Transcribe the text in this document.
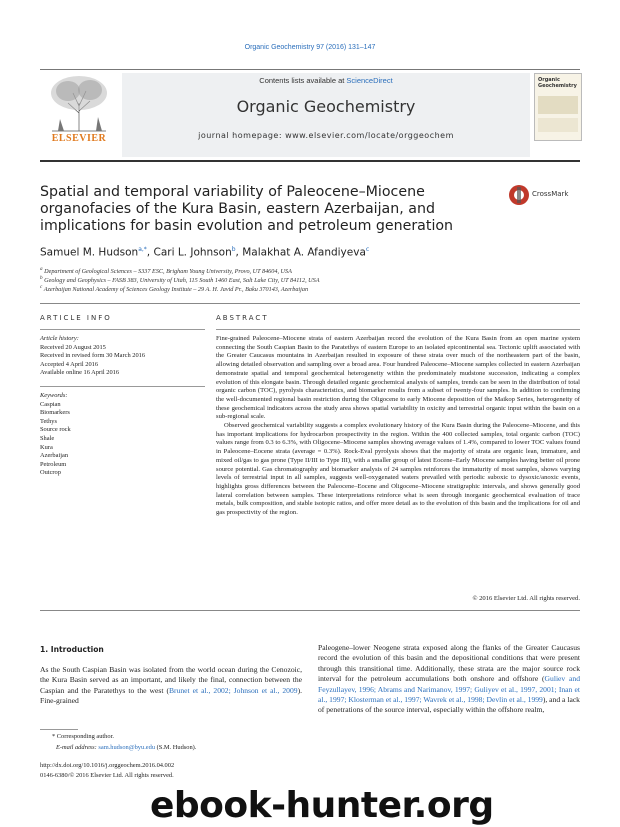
Organic Geochemistry 97 (2016) 131–147
ELSEVIER
Contents lists available at ScienceDirect
Organic Geochemistry
journal homepage: www.elsevier.com/locate/orggeochem
Organic Geochemistry
Spatial and temporal variability of Paleocene–Miocene organofacies of the Kura Basin, eastern Azerbaijan, and implications for basin evolution and petroleum generation
CrossMark
Samuel M. Hudson$^{a,*}$, Cari L. Johnson$^b$, Malakhat A. Afandiyeva$^c$
$^a$ Department of Geological Sciences – S337 ESC, Brigham Young University, Provo, UT 84604, USA
$^b$ Geology and Geophysics – FASB 383, University of Utah, 115 South 1460 East, Salt Lake City, UT 84112, USA
$^c$ Azerbaijan National Academy of Sciences Geology Institute – 29 A. H. Javid Pr., Baku 370143, Azerbaijan
ARTICLE INFO
Article history:
Received 20 August 2015
Received in revised form 30 March 2016
Accepted 4 April 2016
Available online 16 April 2016
Keywords:
Caspian
Biomarkers
Tethys
Source rock
Shale
Kura
Azerbaijan
Petroleum
Outcrop
ABSTRACT

Fine-grained Paleocene–Miocene strata of eastern Azerbaijan record the evolution of the Kura Basin from an open marine system connecting the South Caspian Basin to the Paratethys of eastern Europe to an isolated epicontinental sea. Tectonic uplift associated with the Greater Caucasus mountains in Azerbaijan resulted in exposure of these strata over much of the northeastern part of the basin, allowing detailed observation and sampling over a broad area. Four hundred Paleocene–Miocene samples collected in eastern Azerbaijan demonstrate spatial and temporal geochemical heterogeneity within the predominately mudstone succession, indicating a complex evolution of this elongate basin. Through detailed organic geochemical analysis of samples, trends can be seen in the distribution of total organic carbon (TOC), pyrolysis characteristics, and biomarker results from a subset of twenty-four samples. In addition to confirming the well-documented regional basin restriction during the Oligocene to early Miocene deposition of the Maikop Series, heterogeneity of these geochemical indicators across the study area shows spatial variability in oxicity and terrestrial organic input within the basin on a sub-regional scale.

Observed geochemical variability suggests a complex evolutionary history of the Kura Basin during the Paleocene–Miocene, and this has important implications for hydrocarbon prospectivity in the region. Within the 400 collected samples, total organic carbon (TOC) values range from 0.3 to 6.3%, with Oligocene–Miocene samples showing average values of 1.4%, compared to lower TOC values found in Paleocene–Eocene strata (average = 0.3%). Rock-Eval pyrolysis shows that the majority of strata are organic lean, immature, and mixed oil/gas to gas prone (Type II/III to Type III), with a smaller group of latest Eocene–Early Miocene samples having better oil prone source potential. Gas chromatography and biomarker analysis of 24 samples reinforces the immaturity of most samples, shows varying levels of terrestrial input in all samples, suggests well-oxygenated waters prevailed with periodic suboxic to dysoxic/anoxic events, highlights gross differences between the Paleocene–Eocene and Oligocene–Miocene stratigraphic intervals, and shows generally good lateral correlation between samples. These interpretations reinforce what is seen through inorganic geochemical evaluation of trace metals, bulk composition, and stable isotopic ratios, and offer more detail as to the evolution of this basin and the implications for oil and gas prospectivity of the region.

© 2016 Elsevier Ltd. All rights reserved.
1. Introduction
As the South Caspian Basin was isolated from the world ocean during the Cenozoic, the Kura Basin served as an important, and likely the final, connection between the Caspian and the Paratethys to the west (Brunet et al., 2002; Johnson et al., 2009). Fine-grained
Paleogene–lower Neogene strata exposed along the flanks of the Greater Caucasus record the evolution of this basin and the depositional conditions that were present through this transitional time. Additionally, these strata are the major source rock interval for the petroleum accumulations both onshore and offshore (Guliev and Feyzullayev, 1996; Abrams and Narimanov, 1997; Guliyev et al., 1997, 2001; Inan et al., 1997; Klosterman et al., 1997; Wavrek et al., 1998; Devlin et al., 1999), and a lack of penetrations of the source interval, especially within the offshore realm,
* Corresponding author.
E-mail address: sam.hudson@byu.edu (S.M. Hudson).
http://dx.doi.org/10.1016/j.orggeochem.2016.04.002
0146-6380/© 2016 Elsevier Ltd. All rights reserved.
ebook-hunter.org
